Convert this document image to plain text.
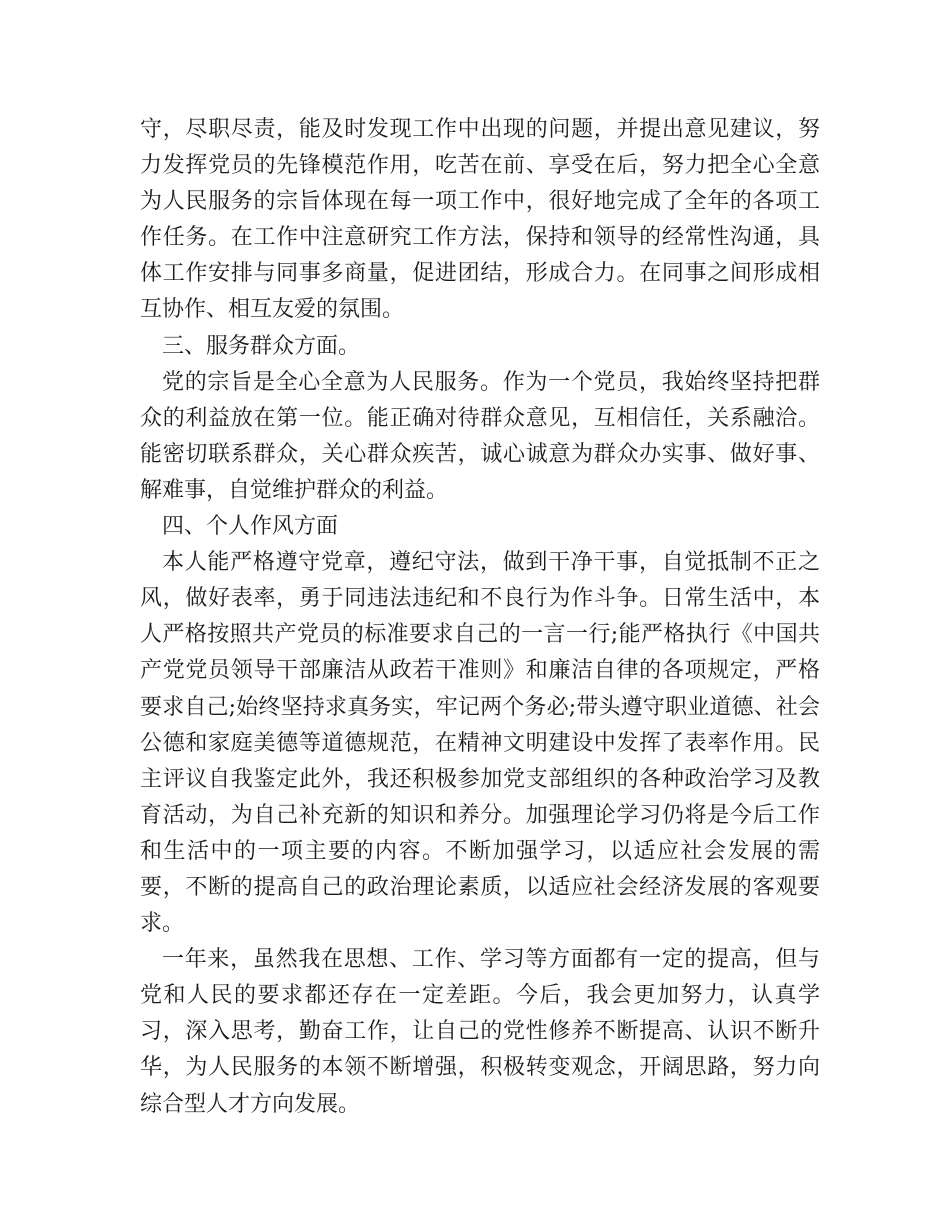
守，尽职尽责，能及时发现工作中出现的问题，并提出意见建议，努力发挥党员的先锋模范作用，吃苦在前、享受在后，努力把全心全意为人民服务的宗旨体现在每一项工作中，很好地完成了全年的各项工作任务。在工作中注意研究工作方法，保持和领导的经常性沟通，具体工作安排与同事多商量，促进团结，形成合力。在同事之间形成相互协作、相互友爱的氛围。

三、服务群众方面。

党的宗旨是全心全意为人民服务。作为一个党员，我始终坚持把群众的利益放在第一位。能正确对待群众意见，互相信任，关系融洽。能密切联系群众，关心群众疾苦，诚心诚意为群众办实事、做好事、解难事，自觉维护群众的利益。

四、个人作风方面

本人能严格遵守党章，遵纪守法，做到干净干事，自觉抵制不正之风，做好表率，勇于同违法违纪和不良行为作斗争。日常生活中，本人严格按照共产党员的标准要求自己的一言一行;能严格执行《中国共产党党员领导干部廉洁从政若干准则》和廉洁自律的各项规定，严格要求自己;始终坚持求真务实，牢记两个务必;带头遵守职业道德、社会公德和家庭美德等道德规范，在精神文明建设中发挥了表率作用。民主评议自我鉴定此外，我还积极参加党支部组织的各种政治学习及教育活动，为自己补充新的知识和养分。加强理论学习仍将是今后工作和生活中的一项主要的内容。不断加强学习，以适应社会发展的需要，不断的提高自己的政治理论素质，以适应社会经济发展的客观要求。

一年来，虽然我在思想、工作、学习等方面都有一定的提高，但与党和人民的要求都还存在一定差距。今后，我会更加努力，认真学习，深入思考，勤奋工作，让自己的党性修养不断提高、认识不断升华，为人民服务的本领不断增强，积极转变观念，开阔思路，努力向综合型人才方向发展。
